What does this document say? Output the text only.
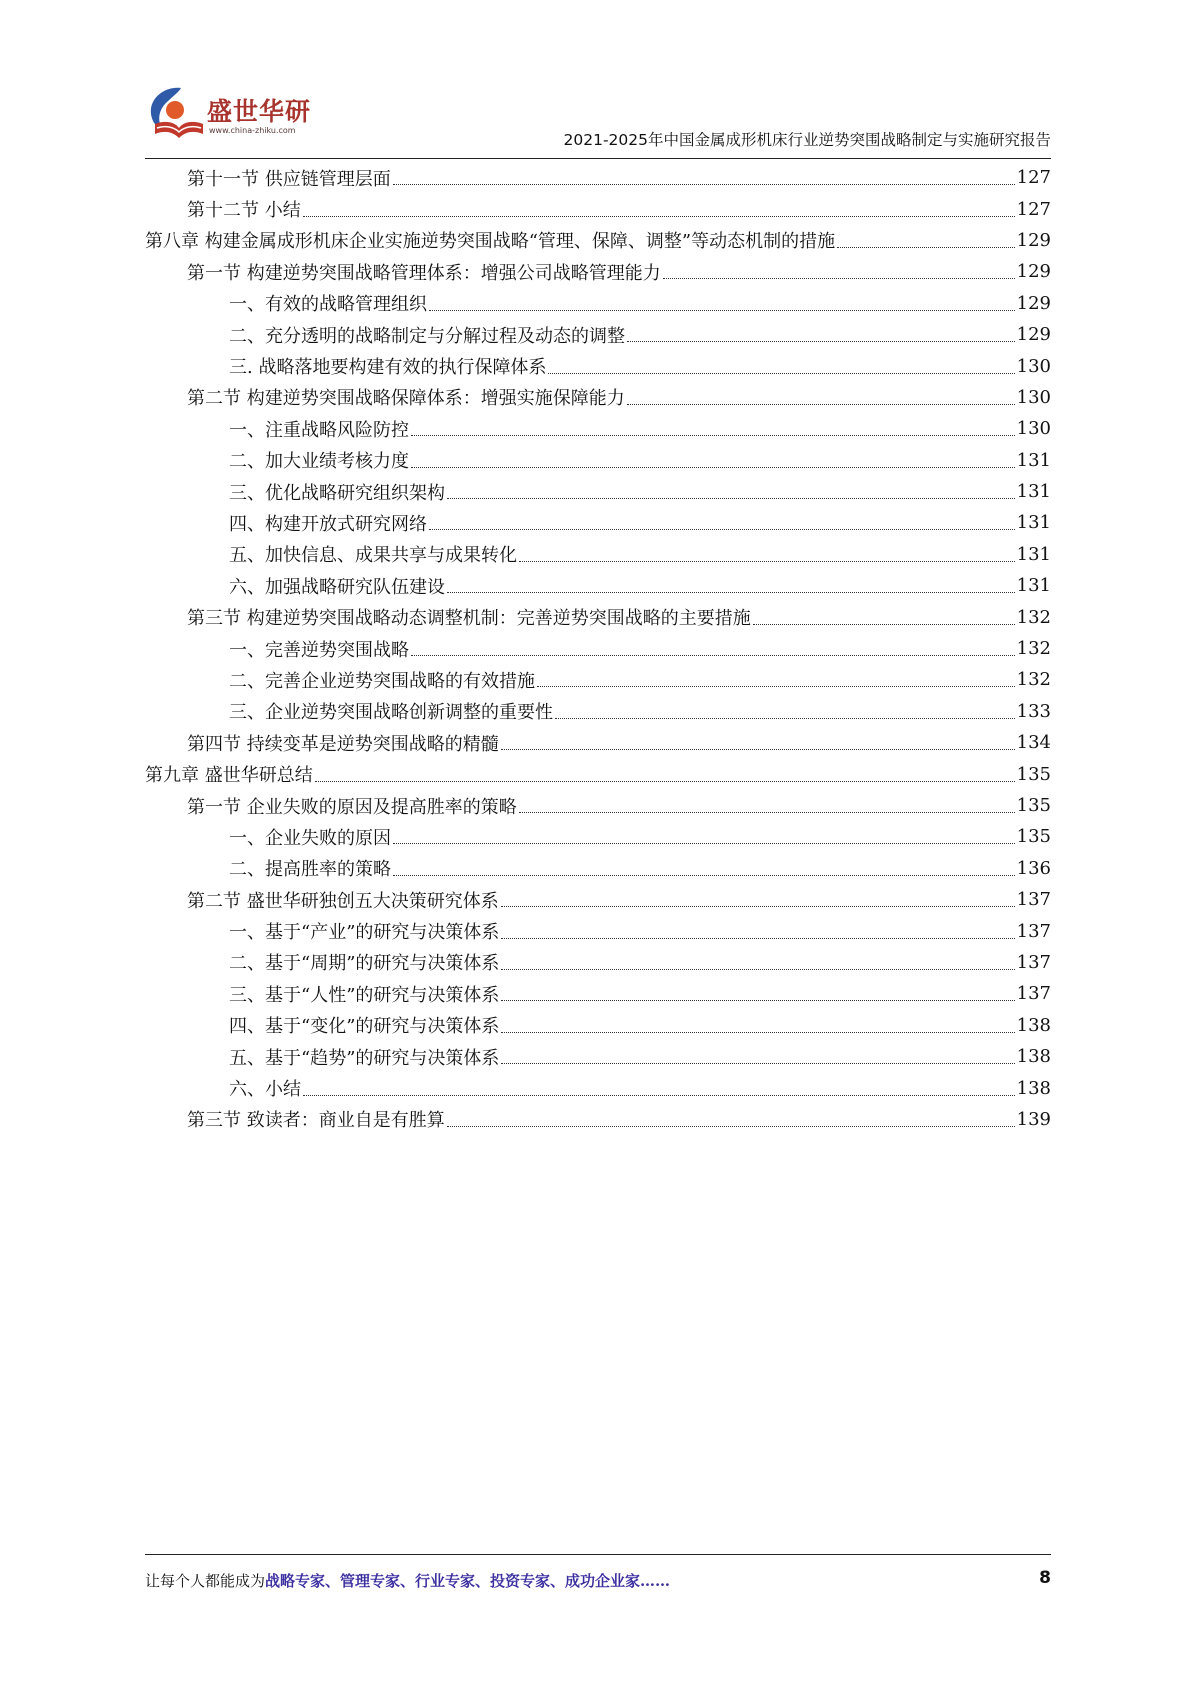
盛世华研
www.china-zhiku.com
2021-2025年中国金属成形机床行业逆势突围战略制定与实施研究报告
第十一节 供应链管理层面	127
第十二节 小结	127
第八章 构建金属成形机床企业实施逆势突围战略“管理、保障、调整”等动态机制的措施	129
第一节 构建逆势突围战略管理体系：增强公司战略管理能力	129
一、有效的战略管理组织	129
二、充分透明的战略制定与分解过程及动态的调整	129
三. 战略落地要构建有效的执行保障体系	130
第二节 构建逆势突围战略保障体系：增强实施保障能力	130
一、注重战略风险防控	130
二、加大业绩考核力度	131
三、优化战略研究组织架构	131
四、构建开放式研究网络	131
五、加快信息、成果共享与成果转化	131
六、加强战略研究队伍建设	131
第三节 构建逆势突围战略动态调整机制：完善逆势突围战略的主要措施	132
一、完善逆势突围战略	132
二、完善企业逆势突围战略的有效措施	132
三、企业逆势突围战略创新调整的重要性	133
第四节 持续变革是逆势突围战略的精髓	134
第九章 盛世华研总结	135
第一节 企业失败的原因及提高胜率的策略	135
一、企业失败的原因	135
二、提高胜率的策略	136
第二节 盛世华研独创五大决策研究体系	137
一、基于“产业”的研究与决策体系	137
二、基于“周期”的研究与决策体系	137
三、基于“人性”的研究与决策体系	137
四、基于“变化”的研究与决策体系	138
五、基于“趋势”的研究与决策体系	138
六、小结	138
第三节 致读者：商业自是有胜算	139
让每个人都能成为战略专家、管理专家、行业专家、投资专家、成功企业家……	8
